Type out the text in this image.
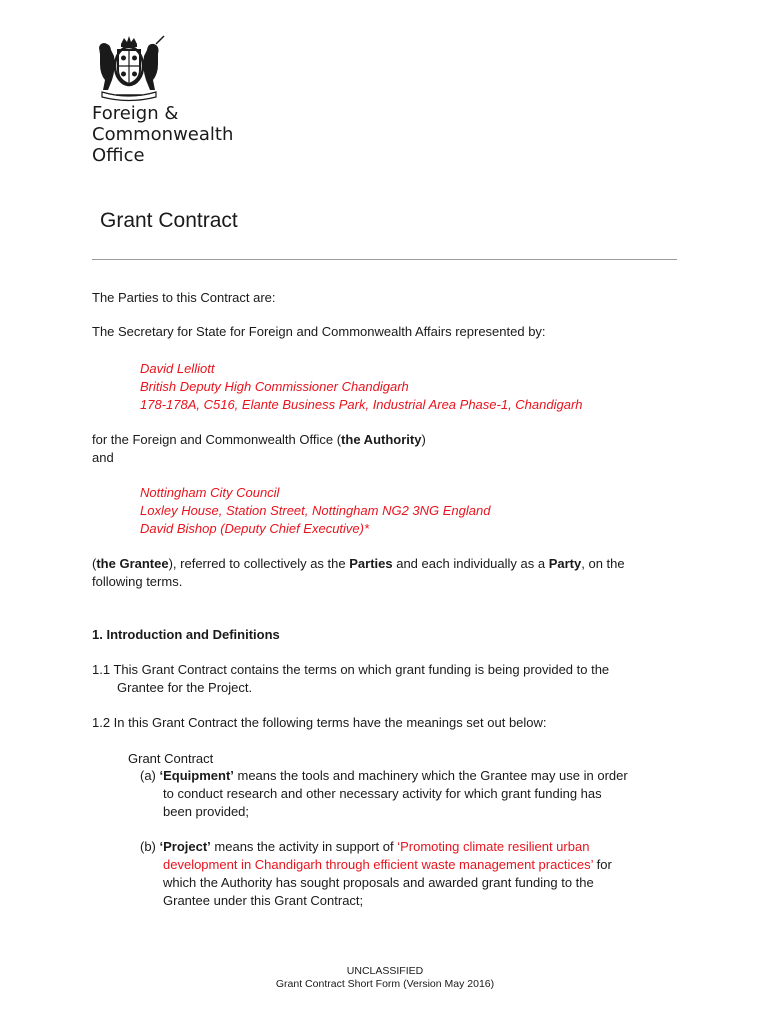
Foreign &
Commonwealth
Office
Grant Contract
The Parties to this Contract are:
The Secretary for State for Foreign and Commonwealth Affairs represented by:
David Lelliott
British Deputy High Commissioner Chandigarh
178-178A, C516, Elante Business Park, Industrial Area Phase-1, Chandigarh
for the Foreign and Commonwealth Office (the Authority)
and
Nottingham City Council
Loxley House, Station Street, Nottingham NG2 3NG England
David Bishop (Deputy Chief Executive)*
(the Grantee), referred to collectively as the Parties and each individually as a Party, on the
following terms.
1. Introduction and Definitions
1.1 This Grant Contract contains the terms on which grant funding is being provided to the
Grantee for the Project.
1.2 In this Grant Contract the following terms have the meanings set out below:
Grant Contract
(a) ‘Equipment’ means the tools and machinery which the Grantee may use in order
to conduct research and other necessary activity for which grant funding has
been provided;
(b) ‘Project’ means the activity in support of ‘Promoting climate resilient urban
development in Chandigarh through efficient waste management practices’ for
which the Authority has sought proposals and awarded grant funding to the
Grantee under this Grant Contract;
UNCLASSIFIED
Grant Contract Short Form (Version May 2016)
